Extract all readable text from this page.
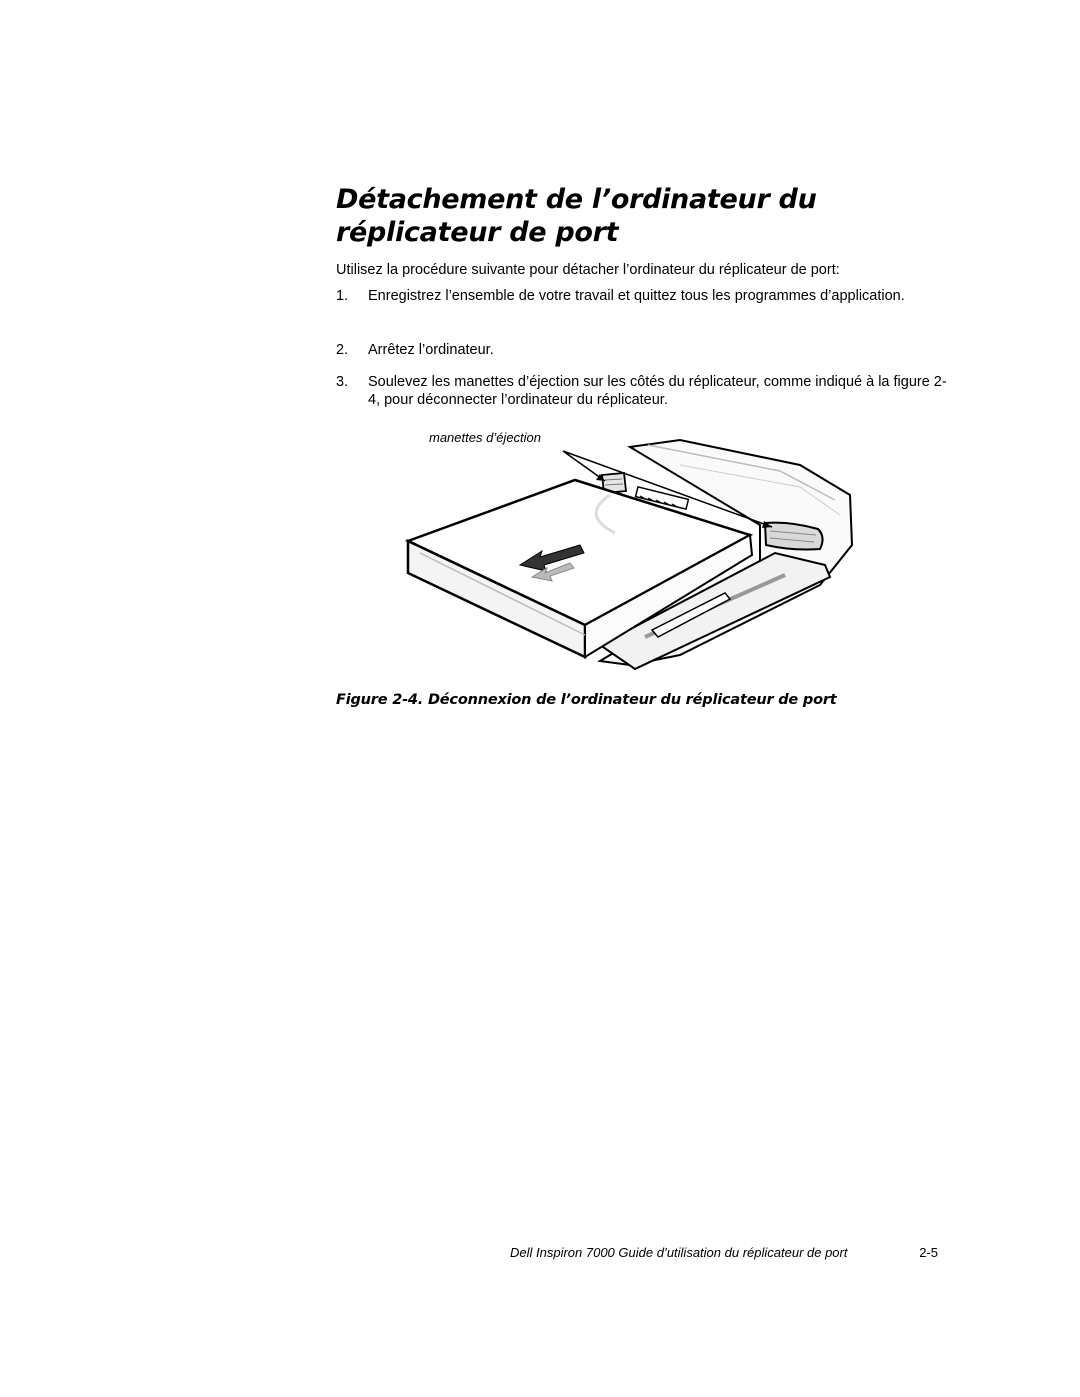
Détachement de l’ordinateur du réplicateur de port

Utilisez la procédure suivante pour détacher l’ordinateur du réplicateur de port:

1. Enregistrez l’ensemble de votre travail et quittez tous les programmes d’application.
2. Arrêtez l’ordinateur.
3. Soulevez les manettes d’éjection sur les côtés du réplicateur, comme indiqué à la figure 2-4, pour déconnecter l’ordinateur du réplicateur.
manettes d’éjection

Figure 2-4. Déconnexion de l’ordinateur du réplicateur de port

Dell Inspiron 7000 Guide d’utilisation du réplicateur de port	2-5
